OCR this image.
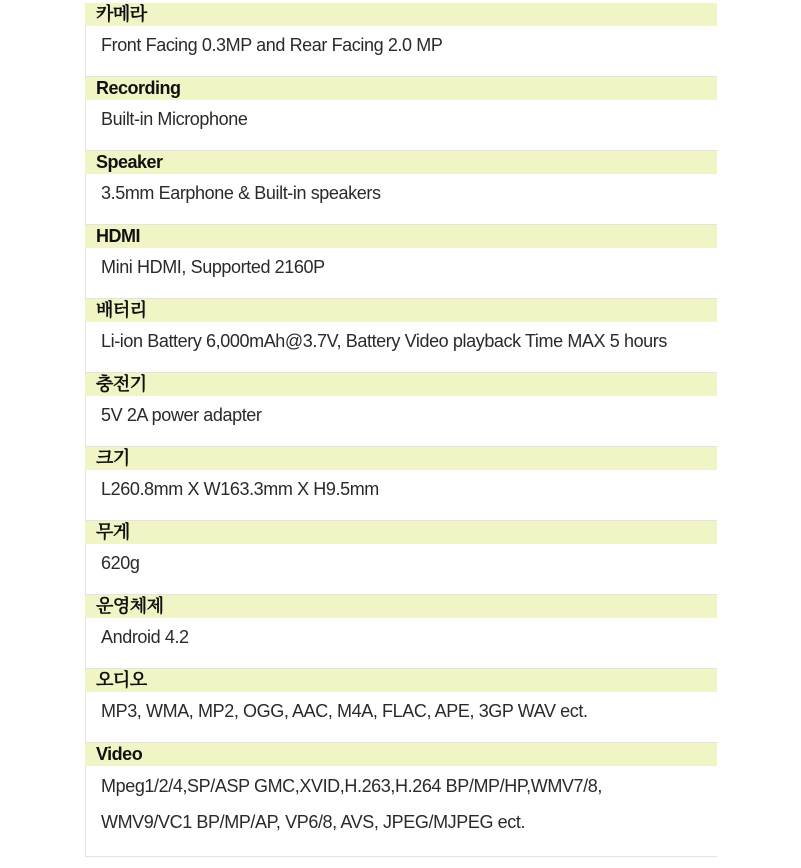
카메라
Front Facing 0.3MP and Rear Facing 2.0 MP
Recording
Built-in Microphone
Speaker
3.5mm Earphone & Built-in speakers
HDMI
Mini HDMI, Supported 2160P
배터리
Li-ion Battery 6,000mAh@3.7V, Battery Video playback Time MAX 5 hours
충전기
5V 2A power adapter
크기
L260.8mm X W163.3mm X H9.5mm
무게
620g
운영체제
Android 4.2
오디오
MP3, WMA, MP2, OGG, AAC, M4A, FLAC, APE, 3GP WAV ect.
Video
Mpeg1/2/4,SP/ASP GMC,XVID,H.263,H.264 BP/MP/HP,WMV7/8,
WMV9/VC1 BP/MP/AP, VP6/8, AVS, JPEG/MJPEG ect.
